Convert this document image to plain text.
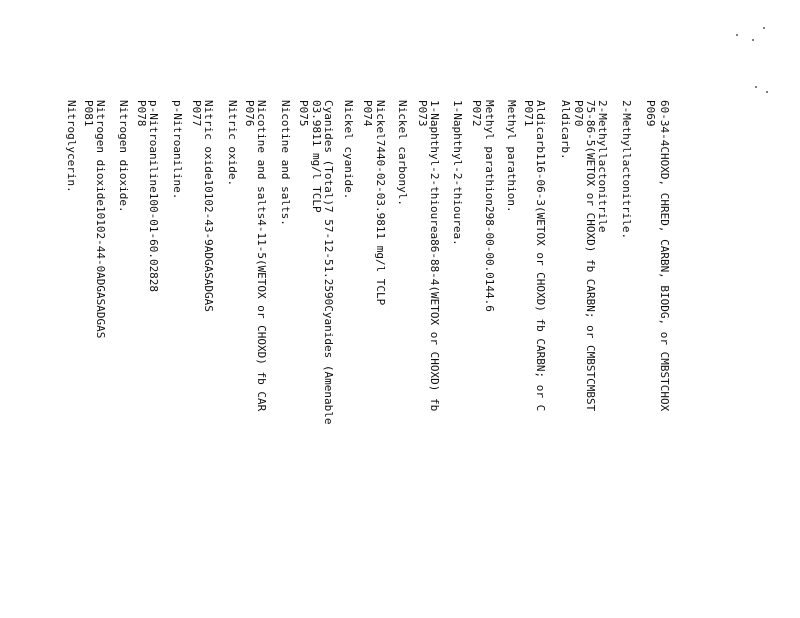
60-34-4CHOXD, CHRED, CARBN, BIODG, or CMBSTCHOX
P069
2-Methyllactonitrile.
2-Methyllactonitrile
75-86-5(WETOX or CHOXD) fb CARBN; or CMBSTCMBST
P070
Aldicarb.
Aldicarb116-06-3(WETOX or CHOXD) fb CARBN; or C
P071
Methyl parathion.
Methyl parathion298-00-00.0144.6
P072
1-Naphthyl-2-thiourea.
1-Naphthyl-2-thiourea86-88-4(WETOX or CHOXD) fb
P073
Nickel carbonyl.
Nickel7440-02-03.9811 mg/l TCLP
P074
Nickel cyanide.
Cyanides (Total)7 57-12-51.2590Cyanides (Amenable
03.9811 mg/l TCLP
P075
Nicotine and salts.
Nicotine and salts4-11-5(WETOX or CHOXD) fb CAR
P076
Nitric oxide.
Nitric oxide10102-43-9ADGASADGAS
P077
p-Nitroaniline.
p-Nitroaniline100-01-60.02828
P078
Nitrogen dioxide.
Nitrogen dioxide10102-44-0ADGASADGAS
P081
Nitroglycerin.
